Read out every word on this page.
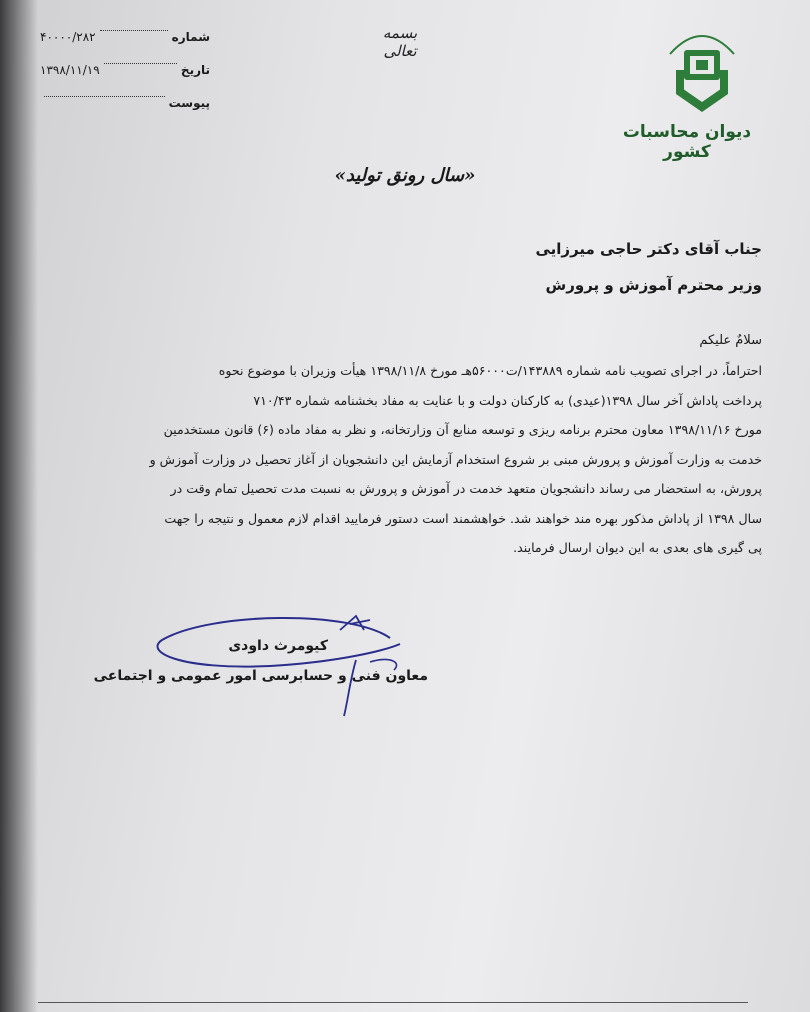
دیوان محاسبات کشور
بسمه تعالی
شماره
۴۰۰۰۰/۲۸۲
تاریخ
۱۳۹۸/۱۱/۱۹
پیوست
«سال رونق تولید»
جناب آقای دکتر حاجی میرزایی
وزیر محترم آموزش و پرورش
سلامٌ علیکم
احتراماً، در اجرای تصویب نامه شماره ۱۴۳۸۸۹/ت۵۶۰۰۰هـ مورخ ۱۳۹۸/۱۱/۸ هیأت وزیران با موضوع نحوه
پرداخت پاداش آخر سال ۱۳۹۸(عیدی) به کارکنان دولت و با عنایت به مفاد بخشنامه شماره ۷۱۰/۴۳
مورخ ۱۳۹۸/۱۱/۱۶ معاون محترم برنامه ریزی و توسعه منابع آن وزارتخانه، و نظر به مفاد ماده (۶) قانون مستخدمین
خدمت به وزارت آموزش و پرورش مبنی بر شروع استخدام آزمایش این دانشجویان از آغاز تحصیل در وزارت آموزش و
پرورش، به استحضار می رساند دانشجویان متعهد خدمت در آموزش و پرورش به نسبت مدت تحصیل تمام وقت در
سال ۱۳۹۸ از پاداش مذکور بهره مند خواهند شد. خواهشمند است دستور فرمایید اقدام لازم معمول و نتیجه را جهت
پی گیری های بعدی به این دیوان ارسال فرمایند.
کیومرث داودی
معاون فنی و حسابرسی امور عمومی و اجتماعی
